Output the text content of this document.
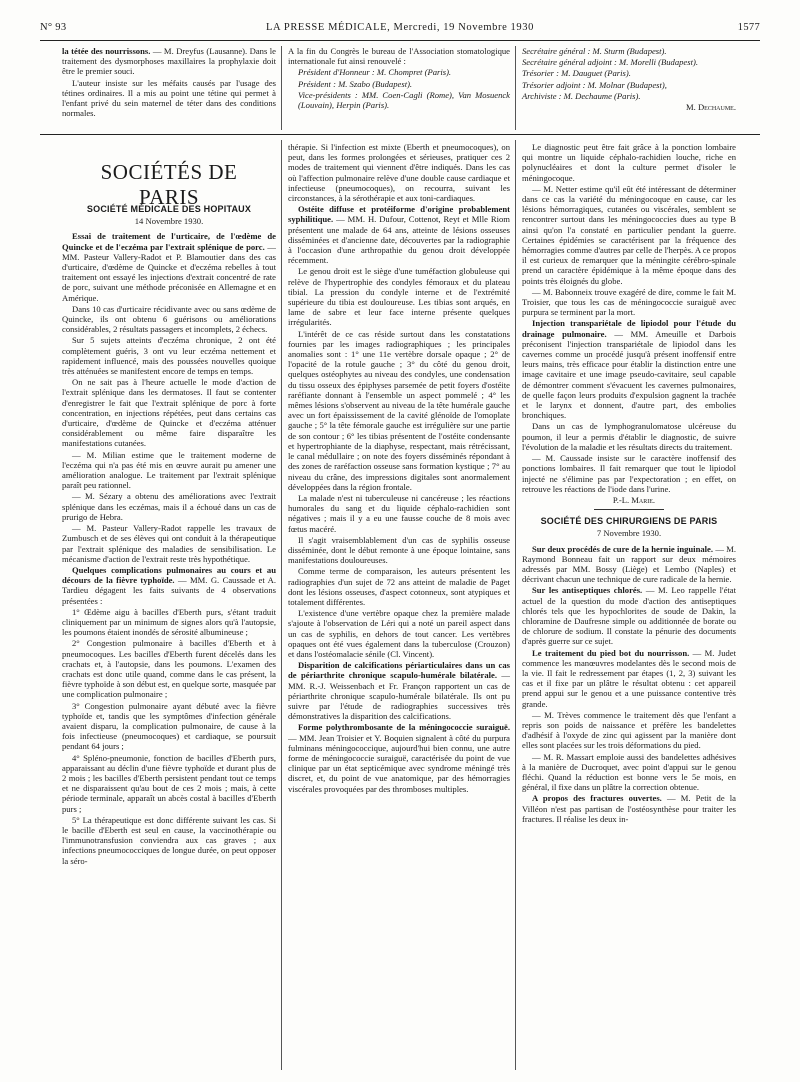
N° 93	LA PRESSE MÉDICALE, Mercredi, 19 Novembre 1930	1577

la tétée des nourrissons. — M. Dreyfus (Lausanne). Dans le traitement des dysmorphoses maxillaires la prophylaxie doit être le premier souci.

L'auteur insiste sur les méfaits causés par l'usage des tétines ordinaires. Il a mis au point une tétine qui permet à l'enfant privé du sein maternel de téter dans des conditions normales.

A la fin du Congrès le bureau de l'Association stomatologique internationale fut ainsi renouvelé :

Président d'Honneur : M. Chompret (Paris).

Président : M. Szabo (Budapest).

Vice-présidents : MM. Coen-Cagli (Rome), Van Mosuenck (Louvain), Herpin (Paris).

Secrétaire général : M. Sturm (Budapest).

Secrétaire général adjoint : M. Morelli (Budapest).

Trésorier : M. Dauguet (Paris).

Trésorier adjoint : M. Molnar (Budapest),

Archiviste : M. Dechaume (Paris).

M. Dechaume.

SOCIÉTÉS DE PARIS
SOCIÉTÉ MÉDICALE DES HOPITAUX
14 Novembre 1930.

Essai de traitement de l'urticaire, de l'œdème de Quincke et de l'eczéma par l'extrait splénique de porc. — MM. Pasteur Vallery-Radot et P. Blamoutier dans des cas d'urticaire, d'œdème de Quincke et d'eczéma rebelles à tout traitement ont essayé les injections d'extrait concentré de rate de porc, suivant une méthode préconisée en Allemagne et en Amérique.

Dans 10 cas d'urticaire récidivante avec ou sans œdème de Quincke, ils ont obtenu 6 guérisons ou améliorations considérables, 2 résultats passagers et incomplets, 2 échecs.

Sur 5 sujets atteints d'eczéma chronique, 2 ont été complètement guéris, 3 ont vu leur eczéma nettement et rapidement influencé, mais des poussées nouvelles quoique très atténuées se manifestent encore de temps en temps.

On ne sait pas à l'heure actuelle le mode d'action de l'extrait splénique dans les dermatoses. Il faut se contenter d'enregistrer le fait que l'extrait splénique de porc à forte concentration, en injections répétées, peut dans certains cas d'urticaire, d'œdème de Quincke et d'eczéma atténuer considérablement ou même faire disparaître les manifestations cutanées.

— M. Milian estime que le traitement moderne de l'eczéma qui n'a pas été mis en œuvre aurait pu amener une amélioration analogue. Le traitement par l'extrait splénique paraît peu rationnel.

— M. Sézary a obtenu des améliorations avec l'extrait splénique dans les eczémas, mais il a échoué dans un cas de prurigo de Hebra.

— M. Pasteur Vallery-Radot rappelle les travaux de Zumbusch et de ses élèves qui ont conduit à la thérapeutique par l'extrait splénique des maladies de sensibilisation. Le mécanisme d'action de l'extrait reste très hypothétique.

Quelques complications pulmonaires au cours et au décours de la fièvre typhoïde. — MM. G. Caussade et A. Tardieu dégagent les faits suivants de 4 observations présentées :

1° Œdème aigu à bacilles d'Eberth purs, s'étant traduit cliniquement par un minimum de signes alors qu'à l'autopsie, les poumons étaient inondés de sérosité albumineuse ;

2° Congestion pulmonaire à bacilles d'Eberth et à pneumocoques. Les bacilles d'Eberth furent décelés dans les crachats et, à l'autopsie, dans les poumons. L'examen des crachats est donc utile quand, comme dans le cas présent, la fièvre typhoïde à son début est, en quelque sorte, masquée par une complication pulmonaire ;

3° Congestion pulmonaire ayant débuté avec la fièvre typhoïde et, tandis que les symptômes d'infection générale avaient disparu, la complication pulmonaire, de cause à la fois infectieuse (pneumocoques) et cardiaque, se poursuit pendant 64 jours ;

4° Spléno-pneumonie, fonction de bacilles d'Eberth purs, apparaissant au déclin d'une fièvre typhoïde et durant plus de 2 mois ; les bacilles d'Eberth persistent pendant tout ce temps et ne disparaissent qu'au bout de ces 2 mois ; mais, à cette période terminale, apparaît un abcès costal à bacilles d'Eberth purs ;

5° La thérapeutique est donc différente suivant les cas. Si le bacille d'Eberth est seul en cause, la vaccinothérapie ou l'immunotransfusion conviendra aux cas graves ; aux infections pneumococciques de longue durée, on peut opposer la séro-

thérapie. Si l'infection est mixte (Eberth et pneumocoques), on peut, dans les formes prolongées et sérieuses, pratiquer ces 2 modes de traitement qui viennent d'être indiqués. Dans les cas où l'affection pulmonaire relève d'une double cause cardiaque et infectieuse (pneumocoques), on recourra, suivant les circonstances, à la sérothérapie et aux toni-cardiaques.

Ostéite diffuse et protéiforme d'origine probablement syphilitique. — MM. H. Dufour, Cottenot, Reyt et Mlle Riom présentent une malade de 64 ans, atteinte de lésions osseuses disséminées et d'ancienne date, découvertes par la radiographie à l'occasion d'une arthropathie du genou droit développée récemment.

Le genou droit est le siège d'une tuméfaction globuleuse qui relève de l'hypertrophie des condyles fémoraux et du plateau tibial. La pression du condyle interne et de l'extrémité supérieure du tibia est douloureuse. Les tibias sont arqués, en lame de sabre et leur face interne présente quelques irrégularités.

L'intérêt de ce cas réside surtout dans les constatations fournies par les images radiographiques ; les principales anomalies sont : 1° une 11e vertèbre dorsale opaque ; 2° de l'opacité de la rotule gauche ; 3° du côté du genou droit, quelques ostéophytes au niveau des condyles, une condensation du tissu osseux des épiphyses parsemée de petit foyers d'ostéite raréfiante donnant à l'ensemble un aspect pommelé ; 4° les mêmes lésions s'observent au niveau de la tête humérale gauche avec un fort épaississement de la cavité glénoïde de l'omoplate gauche ; 5° la tête fémorale gauche est irrégulière sur une partie de son contour ; 6° les tibias présentent de l'ostéite condensante et hypertrophiante de la diaphyse, respectant, mais rétrécissant, le canal médullaire ; on note des foyers disséminés répondant à des zones de raréfaction osseuse sans formation kystique ; 7° au niveau du crâne, des impressions digitales sont anormalement développées dans la région frontale.

La malade n'est ni tuberculeuse ni cancéreuse ; les réactions humorales du sang et du liquide céphalo-rachidien sont négatives ; mais il y a eu une fausse couche de 8 mois avec fœtus macéré.

Il s'agit vraisemblablement d'un cas de syphilis osseuse disséminée, dont le début remonte à une époque lointaine, sans manifestations douloureuses.

Comme terme de comparaison, les auteurs présentent les radiographies d'un sujet de 72 ans atteint de maladie de Paget dont les lésions osseuses, d'aspect cotonneux, sont atypiques et totalement différentes.

L'existence d'une vertèbre opaque chez la première malade s'ajoute à l'observation de Léri qui a noté un pareil aspect dans un cas de syphilis, en dehors de tout cancer. Les vertèbres opaques ont été vues également dans la tuberculose (Crouzon) et dans l'ostéomalacie sénile (Cl. Vincent).

Disparition de calcifications périarticulaires dans un cas de périarthrite chronique scapulo-humérale bilatérale. — MM. R.-J. Weissenbach et Fr. Françon rapportent un cas de périarthrite chronique scapulo-humérale bilatérale. Ils ont pu suivre par l'étude de radiographies successives très démonstratives la disparition des calcifications.

Forme polythrombosante de la méningococcie suraiguë. — MM. Jean Troisier et Y. Boquien signalent à côté du purpura fulminans méningococcique, aujourd'hui bien connu, une autre forme de méningococcie suraiguë, caractérisée du point de vue clinique par un état septicémique avec syndrome méningé très discret, et, du point de vue anatomique, par des hémorragies viscérales provoquées par des thromboses multiples.

Le diagnostic peut être fait grâce à la ponction lombaire qui montre un liquide céphalo-rachidien louche, riche en polynucléaires et dont la culture permet d'isoler le méningocoque.

— M. Netter estime qu'il eût été intéressant de déterminer dans ce cas la variété du méningocoque en cause, car les lésions hémorragiques, cutanées ou viscérales, semblent se rencontrer surtout dans les méningococcies dues au type B ainsi qu'on l'a constaté en particulier pendant la guerre. Certaines épidémies se caractérisent par la fréquence des hémorragies comme d'autres par celle de l'herpès. A ce propos il est curieux de remarquer que la méningite cérébro-spinale prend un caractère épidémique à la même époque dans des points très éloignés du globe.

— M. Babonneix trouve exagéré de dire, comme le fait M. Troisier, que tous les cas de méningococcie suraiguë avec purpura se terminent par la mort.

Injection transpariétale de lipiodol pour l'étude du drainage pulmonaire. — MM. Ameuille et Darbois préconisent l'injection transpariétale de lipiodol dans les cavernes comme un procédé jusqu'à présent inoffensif entre leurs mains, très efficace pour établir la distinction entre une image cavitaire et une image pseudo-cavitaire, seul capable de démontrer comment s'évacuent les cavernes pulmonaires, de quelle façon leurs produits d'expulsion gagnent la trachée et le larynx et donnent, d'autre part, des embolies bronchiques.

Dans un cas de lymphogranulomatose ulcéreuse du poumon, il leur a permis d'établir le diagnostic, de suivre l'évolution de la maladie et les résultats directs du traitement.

— M. Caussade insiste sur le caractère inoffensif des ponctions lombaires. Il fait remarquer que tout le lipiodol injecté ne s'élimine pas par l'expectoration ; en effet, on retrouve les réactions de l'iode dans l'urine.

P.-L. Marie.

SOCIÉTÉ DES CHIRURGIENS DE PARIS
7 Novembre 1930.

Sur deux procédés de cure de la hernie inguinale. — M. Raymond Bonneau fait un rapport sur deux mémoires adressés par MM. Bossy (Liège) et Lembo (Naples) et décrivant chacun une technique de cure radicale de la hernie.

Sur les antiseptiques chlorés. — M. Leo rappelle l'état actuel de la question du mode d'action des antiseptiques chlorés tels que les hypochlorites de soude de Dakin, la chloramine de Daufresne simple ou additionnée de borate ou de chlorure de sodium. Il constate la pénurie des documents d'après guerre sur ce sujet.

Le traitement du pied bot du nourrisson. — M. Judet commence les manœuvres modelantes dès le second mois de la vie. Il fait le redressement par étapes (1, 2, 3) suivant les cas et il fixe par un plâtre le résultat obtenu : cet appareil prend appui sur le genou et a une puissance contentive très grande.

— M. Trèves commence le traitement dès que l'enfant a repris son poids de naissance et préfère les bandelettes d'adhésif à l'oxyde de zinc qui agissent par la manière dont elles sont placées sur les trois déformations du pied.

— M. R. Massart emploie aussi des bandelettes adhésives à la manière de Ducroquet, avec point d'appui sur le genou fléchi. Quand la réduction est bonne vers le 5e mois, en général, il fixe dans un plâtre la correction obtenue.

A propos des fractures ouvertes. — M. Petit de la Villéon n'est pas partisan de l'ostéosynthèse pour traiter les fractures. Il réalise les deux in-
